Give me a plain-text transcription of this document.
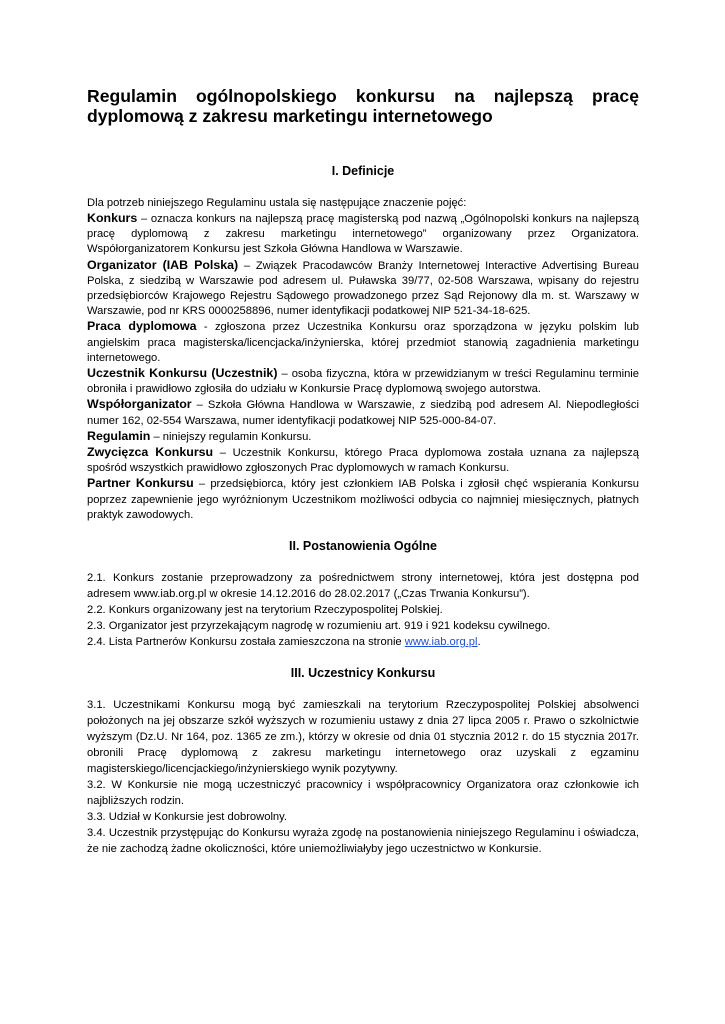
Regulamin ogólnopolskiego konkursu na najlepszą pracę dyplomową z zakresu marketingu internetowego
I. Definicje

Dla potrzeb niniejszego Regulaminu ustala się następujące znaczenie pojęć:

Konkurs – oznacza konkurs na najlepszą pracę magisterską pod nazwą „Ogólnopolski konkurs na najlepszą pracę dyplomową z zakresu marketingu internetowego” organizowany przez Organizatora. Współorganizatorem Konkursu jest Szkoła Główna Handlowa w Warszawie.

Organizator (IAB Polska) – Związek Pracodawców Branży Internetowej Interactive Advertising Bureau Polska, z siedzibą w Warszawie pod adresem ul. Puławska 39/77, 02-508 Warszawa, wpisany do rejestru przedsiębiorców Krajowego Rejestru Sądowego prowadzonego przez Sąd Rejonowy dla m. st. Warszawy w Warszawie, pod nr KRS 0000258896, numer identyfikacji podatkowej NIP 521-34-18-625.

Praca dyplomowa - zgłoszona przez Uczestnika Konkursu oraz sporządzona w języku polskim lub angielskim praca magisterska/licencjacka/inżynierska, której przedmiot stanowią zagadnienia marketingu internetowego.

Uczestnik Konkursu (Uczestnik) – osoba fizyczna, która w przewidzianym w treści Regulaminu terminie obroniła i prawidłowo zgłosiła do udziału w Konkursie Pracę dyplomową swojego autorstwa.

Współorganizator – Szkoła Główna Handlowa w Warszawie, z siedzibą pod adresem Al. Niepodległości numer 162, 02-554 Warszawa, numer identyfikacji podatkowej NIP 525-000-84-07.

Regulamin – niniejszy regulamin Konkursu.

Zwycięzca Konkursu – Uczestnik Konkursu, którego Praca dyplomowa została uznana za najlepszą spośród wszystkich prawidłowo zgłoszonych Prac dyplomowych w ramach Konkursu.

Partner Konkursu – przedsiębiorca, który jest członkiem IAB Polska i zgłosił chęć wspierania Konkursu poprzez zapewnienie jego wyróżnionym Uczestnikom możliwości odbycia co najmniej miesięcznych, płatnych praktyk zawodowych.

II. Postanowienia Ogólne

2.1. Konkurs zostanie przeprowadzony za pośrednictwem strony internetowej, która jest dostępna pod adresem www.iab.org.pl w okresie 14.12.2016 do 28.02.2017 („Czas Trwania Konkursu”).

2.2. Konkurs organizowany jest na terytorium Rzeczypospolitej Polskiej.

2.3. Organizator jest przyrzekającym nagrodę w rozumieniu art. 919 i 921 kodeksu cywilnego.

2.4. Lista Partnerów Konkursu została zamieszczona na stronie www.iab.org.pl.

III. Uczestnicy Konkursu

3.1. Uczestnikami Konkursu mogą być zamieszkali na terytorium Rzeczypospolitej Polskiej absolwenci położonych na jej obszarze szkół wyższych w rozumieniu ustawy z dnia 27 lipca 2005 r. Prawo o szkolnictwie wyższym (Dz.U. Nr 164, poz. 1365 ze zm.), którzy w okresie od dnia 01 stycznia 2012 r. do 15 stycznia 2017r. obronili Pracę dyplomową z zakresu marketingu internetowego oraz uzyskali z egzaminu magisterskiego/licencjackiego/inżynierskiego wynik pozytywny.

3.2. W Konkursie nie mogą uczestniczyć pracownicy i współpracownicy Organizatora oraz członkowie ich najbliższych rodzin.

3.3. Udział w Konkursie jest dobrowolny.

3.4. Uczestnik przystępując do Konkursu wyraża zgodę na postanowienia niniejszego Regulaminu i oświadcza, że nie zachodzą żadne okoliczności, które uniemożliwiałyby jego uczestnictwo w Konkursie.
